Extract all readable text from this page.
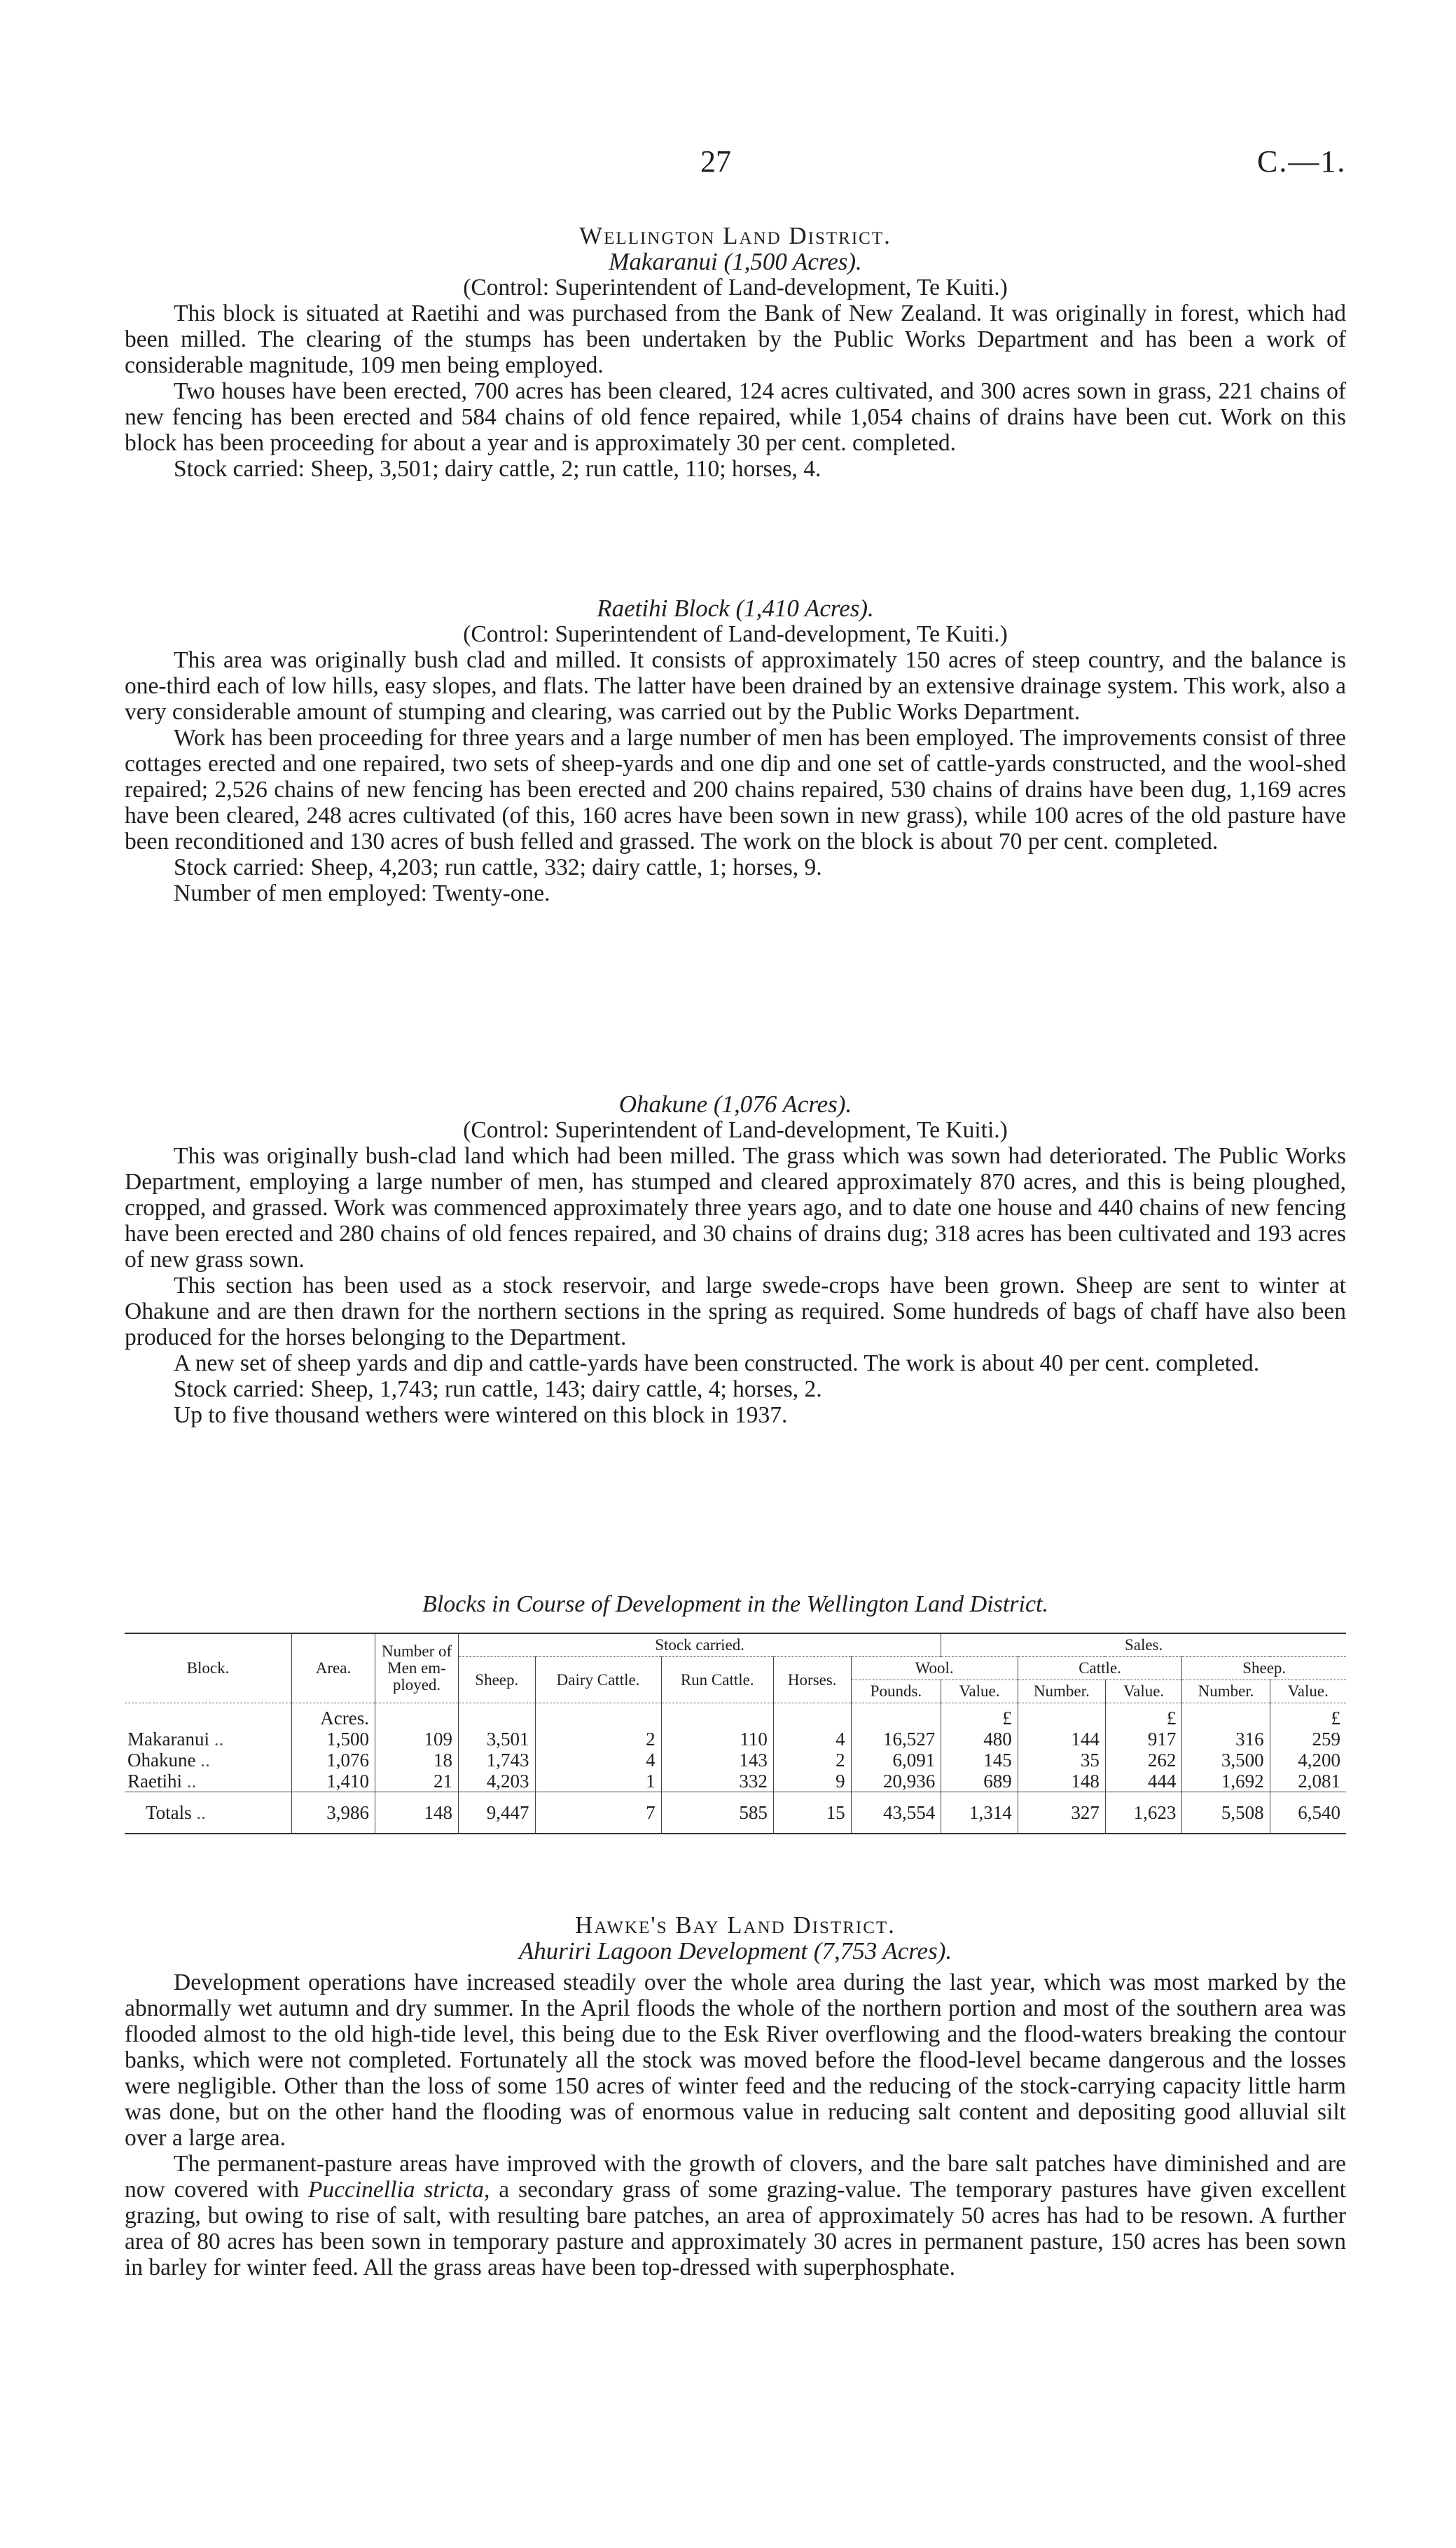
27	C.—1.
Wellington Land District.
Makaranui (1,500 Acres).
(Control: Superintendent of Land-development, Te Kuiti.)

This block is situated at Raetihi and was purchased from the Bank of New Zealand. It was originally in forest, which had been milled. The clearing of the stumps has been undertaken by the Public Works Department and has been a work of considerable magnitude, 109 men being employed.

Two houses have been erected, 700 acres has been cleared, 124 acres cultivated, and 300 acres sown in grass, 221 chains of new fencing has been erected and 584 chains of old fence repaired, while 1,054 chains of drains have been cut. Work on this block has been proceeding for about a year and is approximately 30 per cent. completed.

Stock carried: Sheep, 3,501; dairy cattle, 2; run cattle, 110; horses, 4.

Raetihi Block (1,410 Acres).
(Control: Superintendent of Land-development, Te Kuiti.)

This area was originally bush clad and milled. It consists of approximately 150 acres of steep country, and the balance is one-third each of low hills, easy slopes, and flats. The latter have been drained by an extensive drainage system. This work, also a very considerable amount of stumping and clearing, was carried out by the Public Works Department.

Work has been proceeding for three years and a large number of men has been employed. The improvements consist of three cottages erected and one repaired, two sets of sheep-yards and one dip and one set of cattle-yards constructed, and the wool-shed repaired; 2,526 chains of new fencing has been erected and 200 chains repaired, 530 chains of drains have been dug, 1,169 acres have been cleared, 248 acres cultivated (of this, 160 acres have been sown in new grass), while 100 acres of the old pasture have been reconditioned and 130 acres of bush felled and grassed. The work on the block is about 70 per cent. completed.

Stock carried: Sheep, 4,203; run cattle, 332; dairy cattle, 1; horses, 9.

Number of men employed: Twenty-one.

Ohakune (1,076 Acres).
(Control: Superintendent of Land-development, Te Kuiti.)

This was originally bush-clad land which had been milled. The grass which was sown had deteriorated. The Public Works Department, employing a large number of men, has stumped and cleared approximately 870 acres, and this is being ploughed, cropped, and grassed. Work was commenced approximately three years ago, and to date one house and 440 chains of new fencing have been erected and 280 chains of old fences repaired, and 30 chains of drains dug; 318 acres has been cultivated and 193 acres of new grass sown.

This section has been used as a stock reservoir, and large swede-crops have been grown. Sheep are sent to winter at Ohakune and are then drawn for the northern sections in the spring as required. Some hundreds of bags of chaff have also been produced for the horses belonging to the Department.

A new set of sheep yards and dip and cattle-yards have been constructed. The work is about 40 per cent. completed.

Stock carried: Sheep, 1,743; run cattle, 143; dairy cattle, 4; horses, 2.

Up to five thousand wethers were wintered on this block in 1937.

Blocks in Course of Development in the Wellington Land District.
Block.	Area.	Number of Men em-ployed.	Stock carried.					Sales.				
			Sheep.	Dairy Cattle.	Run Cattle.	Horses.	Wool.		Cattle.		Sheep.	
							Pounds.	Value.	Number.	Value.	Number.	Value.
	Acres.							£		£		£
Makaranui ..	1,500	109	3,501	2	110	4	16,527	480	144	917	316	259
Ohakune ..	1,076	18	1,743	4	143	2	6,091	145	35	262	3,500	4,200
Raetihi ..	1,410	21	4,203	1	332	9	20,936	689	148	444	1,692	2,081
Totals ..	3,986	148	9,447	7	585	15	43,554	1,314	327	1,623	5,508	6,540
Hawke's Bay Land District.
Ahuriri Lagoon Development (7,753 Acres).

Development operations have increased steadily over the whole area during the last year, which was most marked by the abnormally wet autumn and dry summer. In the April floods the whole of the northern portion and most of the southern area was flooded almost to the old high-tide level, this being due to the Esk River overflowing and the flood-waters breaking the contour banks, which were not completed. Fortunately all the stock was moved before the flood-level became dangerous and the losses were negligible. Other than the loss of some 150 acres of winter feed and the reducing of the stock-carrying capacity little harm was done, but on the other hand the flooding was of enormous value in reducing salt content and depositing good alluvial silt over a large area.

The permanent-pasture areas have improved with the growth of clovers, and the bare salt patches have diminished and are now covered with Puccinellia stricta, a secondary grass of some grazing-value. The temporary pastures have given excellent grazing, but owing to rise of salt, with resulting bare patches, an area of approximately 50 acres has had to be resown. A further area of 80 acres has been sown in temporary pasture and approximately 30 acres in permanent pasture, 150 acres has been sown in barley for winter feed. All the grass areas have been top-dressed with superphosphate.
